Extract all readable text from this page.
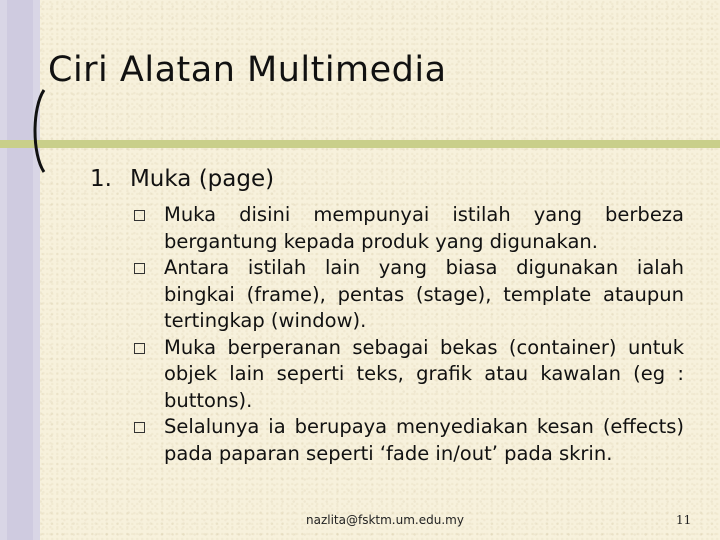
Ciri Alatan Multimedia
1. Muka (page)
Muka disini mempunyai istilah yang berbeza bergantung kepada produk yang digunakan.
Antara istilah lain yang biasa digunakan ialah bingkai (frame), pentas (stage), template ataupun tertingkap (window).
Muka berperanan sebagai bekas (container) untuk objek lain seperti teks, grafik atau kawalan (eg : buttons).
Selalunya ia berupaya menyediakan kesan (effects) pada paparan seperti ‘fade in/out’ pada skrin.
nazlita@fsktm.um.edu.my	11
